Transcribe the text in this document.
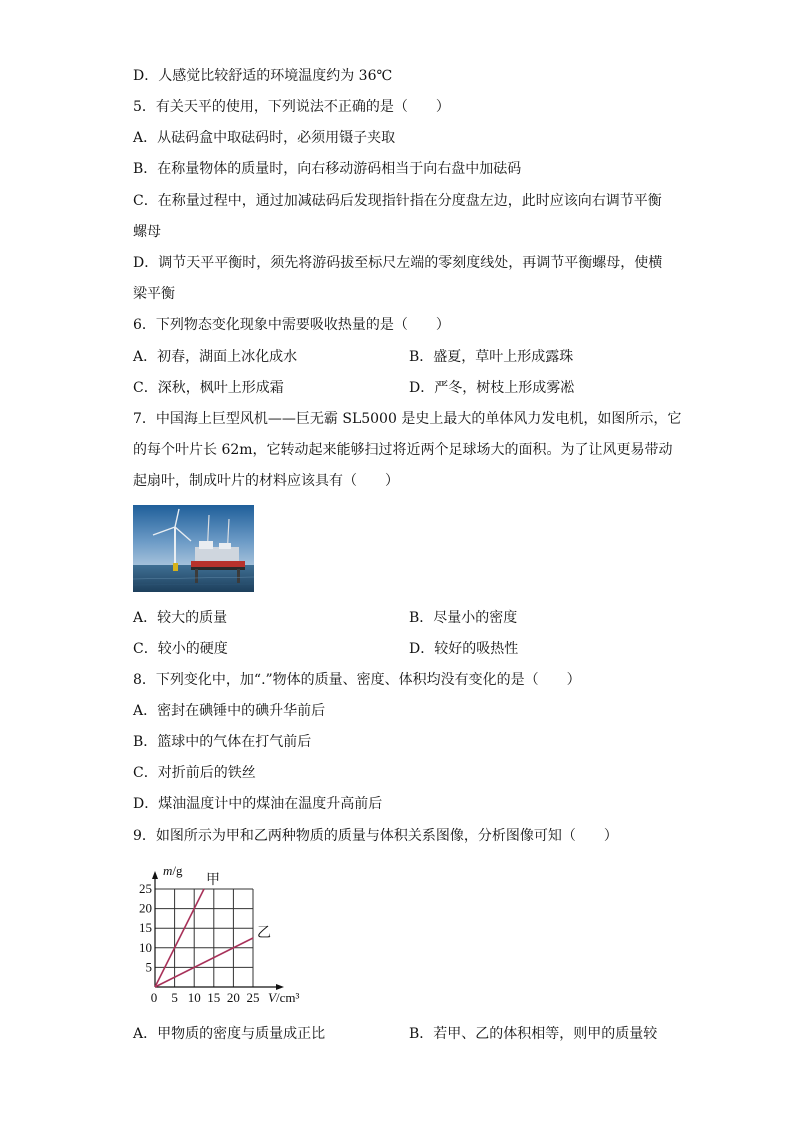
D．人感觉比较舒适的环境温度约为 36℃
5．有关天平的使用，下列说法不正确的是（　　）
A．从砝码盒中取砝码时，必须用镊子夹取
B．在称量物体的质量时，向右移动游码相当于向右盘中加砝码
C．在称量过程中，通过加减砝码后发现指针指在分度盘左边，此时应该向右调节平衡
螺母
D．调节天平平衡时，须先将游码拔至标尺左端的零刻度线处，再调节平衡螺母，使横
梁平衡
6．下列物态变化现象中需要吸收热量的是（　　）
A．初春，湖面上冰化成水	B．盛夏，草叶上形成露珠
C．深秋，枫叶上形成霜	D．严冬，树枝上形成雾凇
7．中国海上巨型风机——巨无霸 SL5000 是史上最大的单体风力发电机，如图所示，它
的每个叶片长 62m，它转动起来能够扫过将近两个足球场大的面积。为了让风更易带动
起扇叶，制成叶片的材料应该具有（　　）
A．较大的质量	B．尽量小的密度
C．较小的硬度	D．较好的吸热性
8．下列变化中，加“.”物体的质量、密度、体积均没有变化的是（　　）
A．密封在碘锤中的碘升华前后
B．篮球中的气体在打气前后
C．对折前后的铁丝
D．煤油温度计中的煤油在温度升高前后
9．如图所示为甲和乙两种物质的质量与体积关系图像，分析图像可知（　　）
0 5 10 15 20 25
5
10
15
20
25
m/g
V/cm³
甲
乙
A．甲物质的密度与质量成正比	B．若甲、乙的体积相等，则甲的质量较
